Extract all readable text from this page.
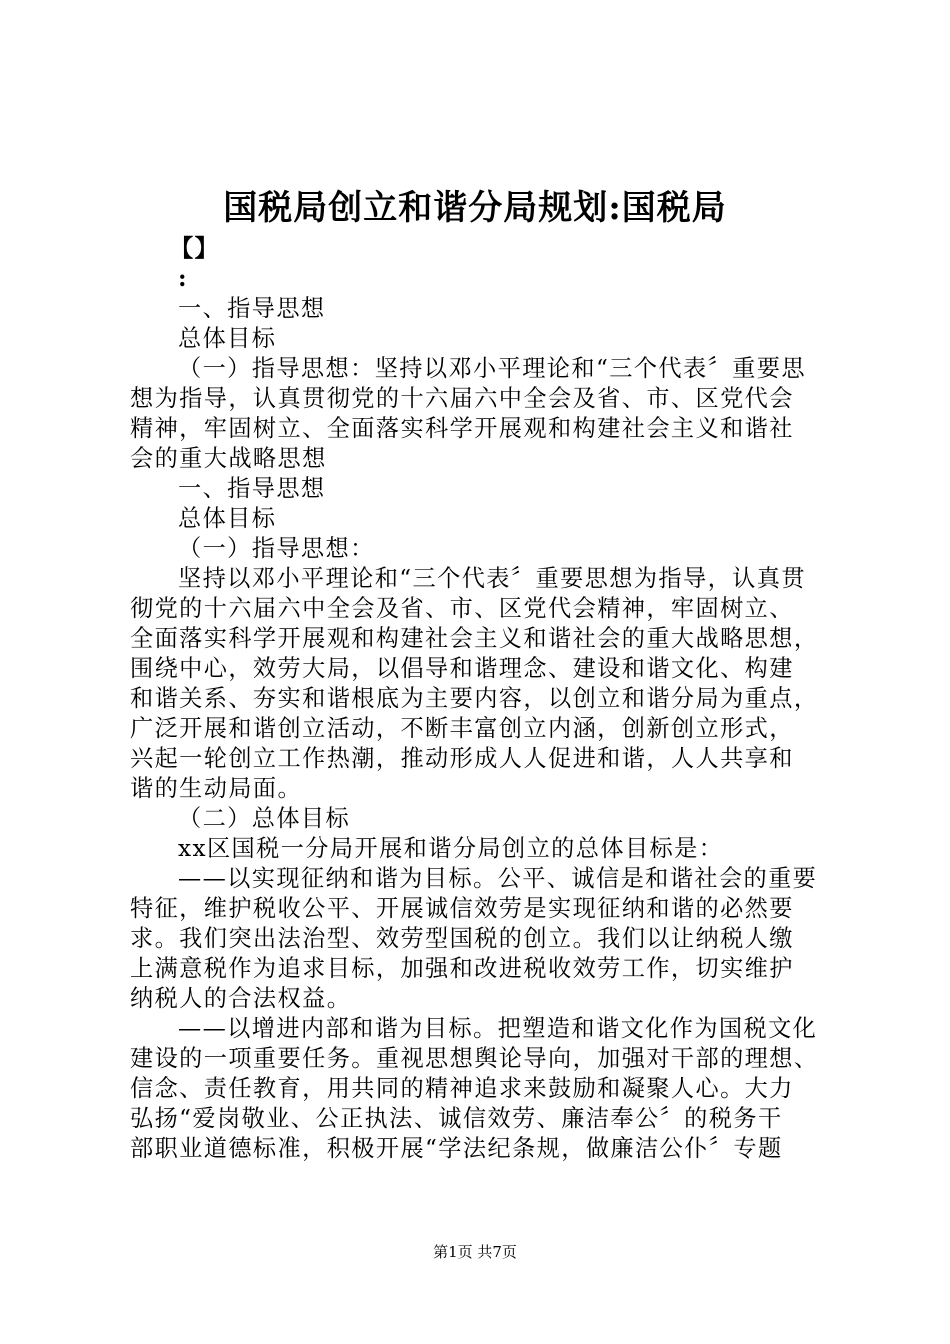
国税局创立和谐分局规划:国税局
【】
:
一、指导思想
总体目标
（一）指导思想：坚持以邓小平理论和“三个代表〞重要思
想为指导，认真贯彻党的十六届六中全会及省、市、区党代会
精神，牢固树立、全面落实科学开展观和构建社会主义和谐社
会的重大战略思想
一、指导思想
总体目标
（一）指导思想：
坚持以邓小平理论和“三个代表〞重要思想为指导，认真贯
彻党的十六届六中全会及省、市、区党代会精神，牢固树立、
全面落实科学开展观和构建社会主义和谐社会的重大战略思想，
围绕中心，效劳大局，以倡导和谐理念、建设和谐文化、构建
和谐关系、夯实和谐根底为主要内容，以创立和谐分局为重点，
广泛开展和谐创立活动，不断丰富创立内涵，创新创立形式，
兴起一轮创立工作热潮，推动形成人人促进和谐，人人共享和
谐的生动局面。
（二）总体目标
xx区国税一分局开展和谐分局创立的总体目标是：
——以实现征纳和谐为目标。公平、诚信是和谐社会的重要
特征，维护税收公平、开展诚信效劳是实现征纳和谐的必然要
求。我们突出法治型、效劳型国税的创立。我们以让纳税人缴
上满意税作为追求目标，加强和改进税收效劳工作，切实维护
纳税人的合法权益。
——以增进内部和谐为目标。把塑造和谐文化作为国税文化
建设的一项重要任务。重视思想舆论导向，加强对干部的理想、
信念、责任教育，用共同的精神追求来鼓励和凝聚人心。大力
弘扬“爱岗敬业、公正执法、诚信效劳、廉洁奉公〞的税务干
部职业道德标准，积极开展“学法纪条规，做廉洁公仆〞专题
第1页 共7页
